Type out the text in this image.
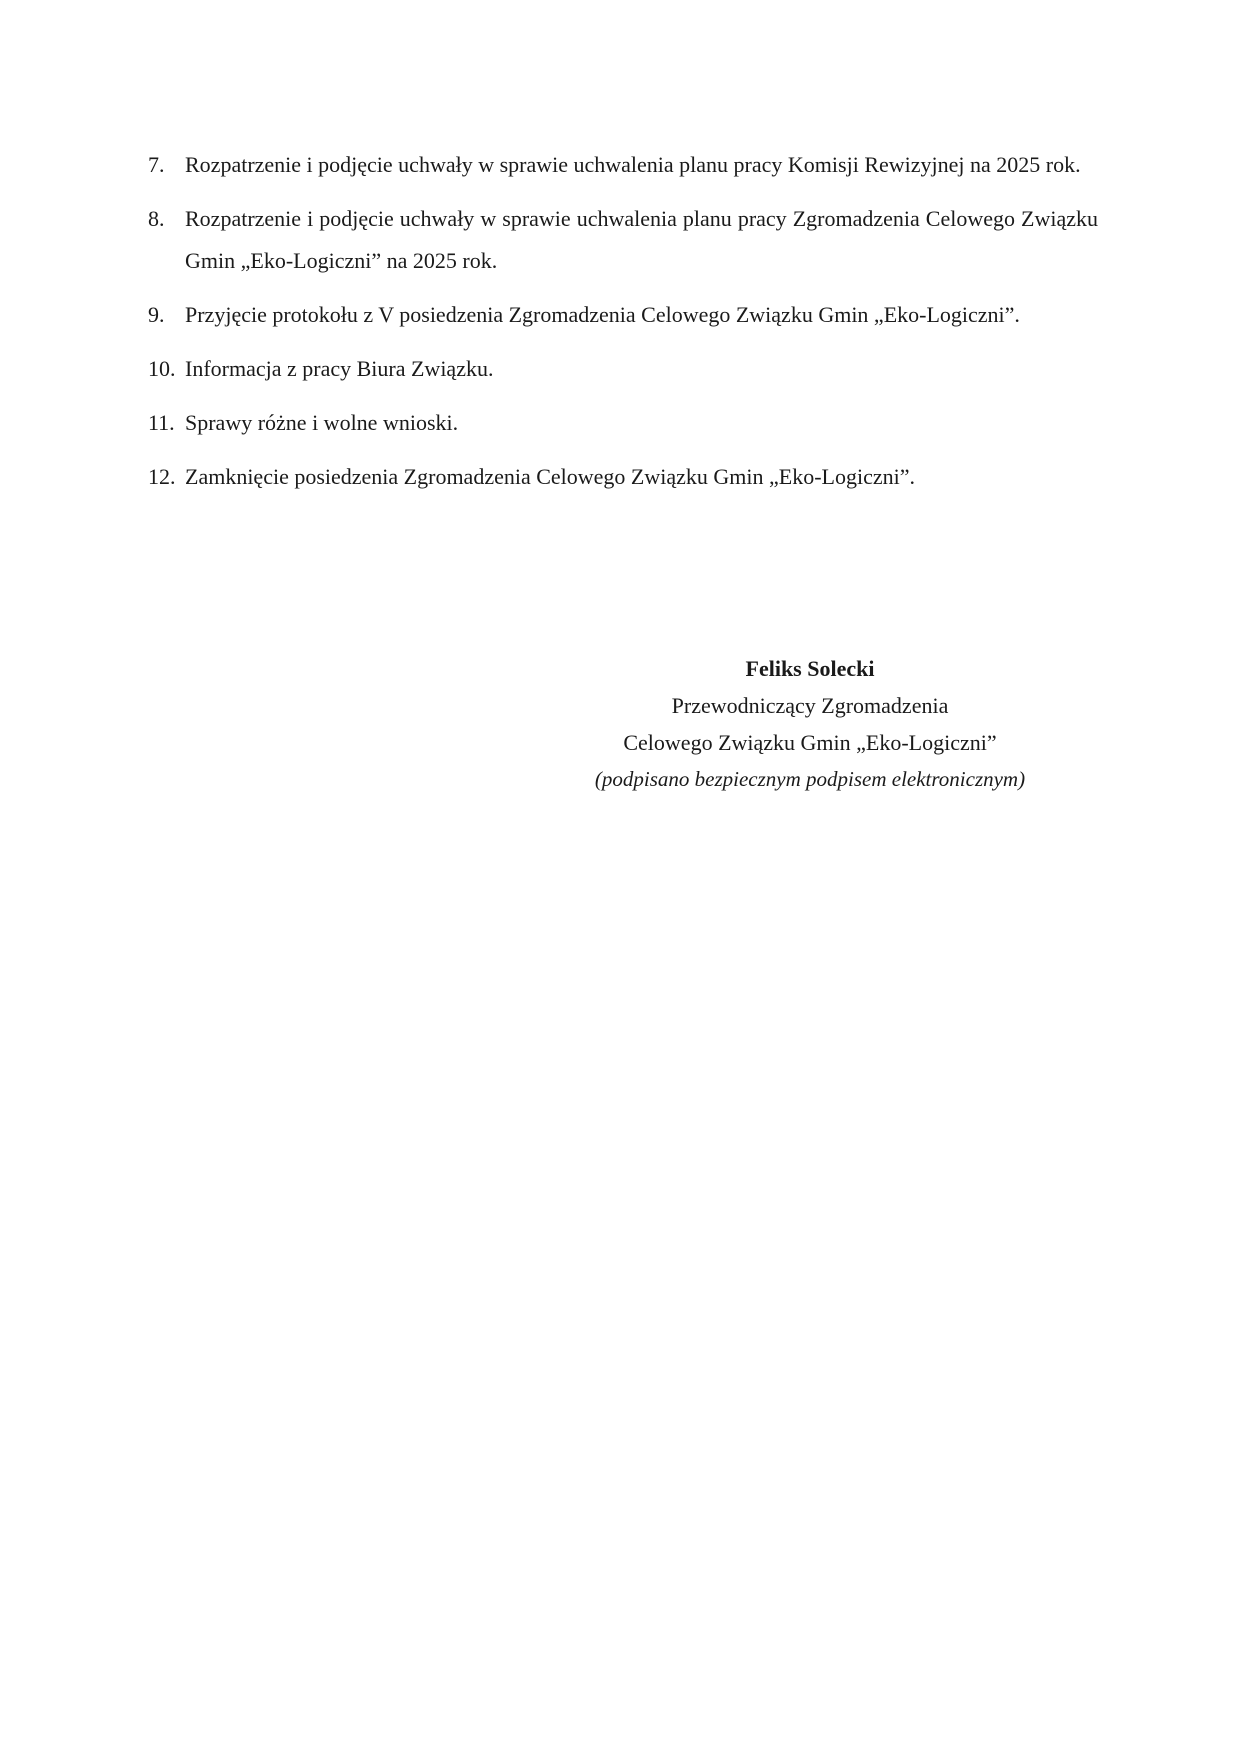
7. Rozpatrzenie i podjęcie uchwały w sprawie uchwalenia planu pracy Komisji Rewizyjnej na 2025 rok.
8. Rozpatrzenie i podjęcie uchwały w sprawie uchwalenia planu pracy Zgromadzenia Celowego Związku Gmin „Eko-Logiczni” na 2025 rok.
9. Przyjęcie protokołu z V posiedzenia Zgromadzenia Celowego Związku Gmin „Eko-Logiczni”.
10. Informacja z pracy Biura Związku.
11. Sprawy różne i wolne wnioski.
12. Zamknięcie posiedzenia Zgromadzenia Celowego Związku Gmin „Eko-Logiczni”.
Feliks Solecki
Przewodniczący Zgromadzenia
Celowego Związku Gmin „Eko-Logiczni”
(podpisano bezpiecznym podpisem elektronicznym)
